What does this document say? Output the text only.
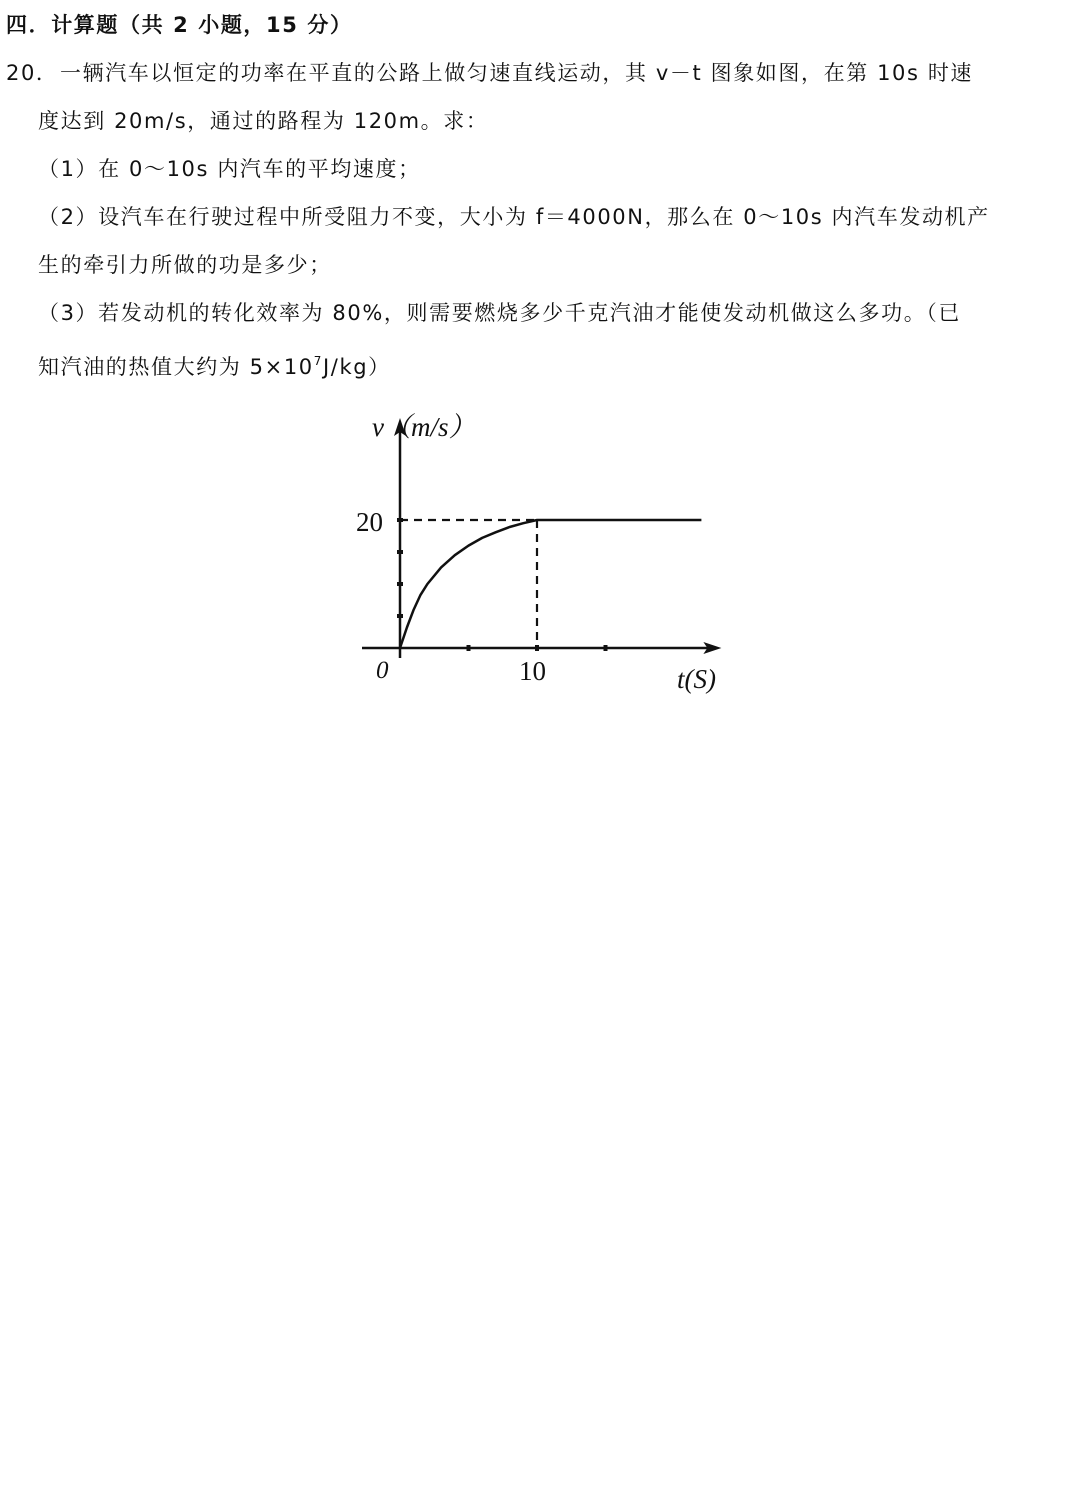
四．计算题（共 2 小题，15 分）
20． 一辆汽车以恒定的功率在平直的公路上做匀速直线运动，其 v－t 图象如图，在第 10s 时速
度达到 20m/s，通过的路程为 120m。求：
（1）在 0～10s 内汽车的平均速度；
（2）设汽车在行驶过程中所受阻力不变，大小为 f＝4000N，那么在 0～10s 内汽车发动机产
生的牵引力所做的功是多少；
（3）若发动机的转化效率为 80%，则需要燃烧多少千克汽油才能使发动机做这么多功。（已
知汽油的热值大约为 $5\times 10^7J/kg$）
v（m/s）
t(S)
0
20
10
